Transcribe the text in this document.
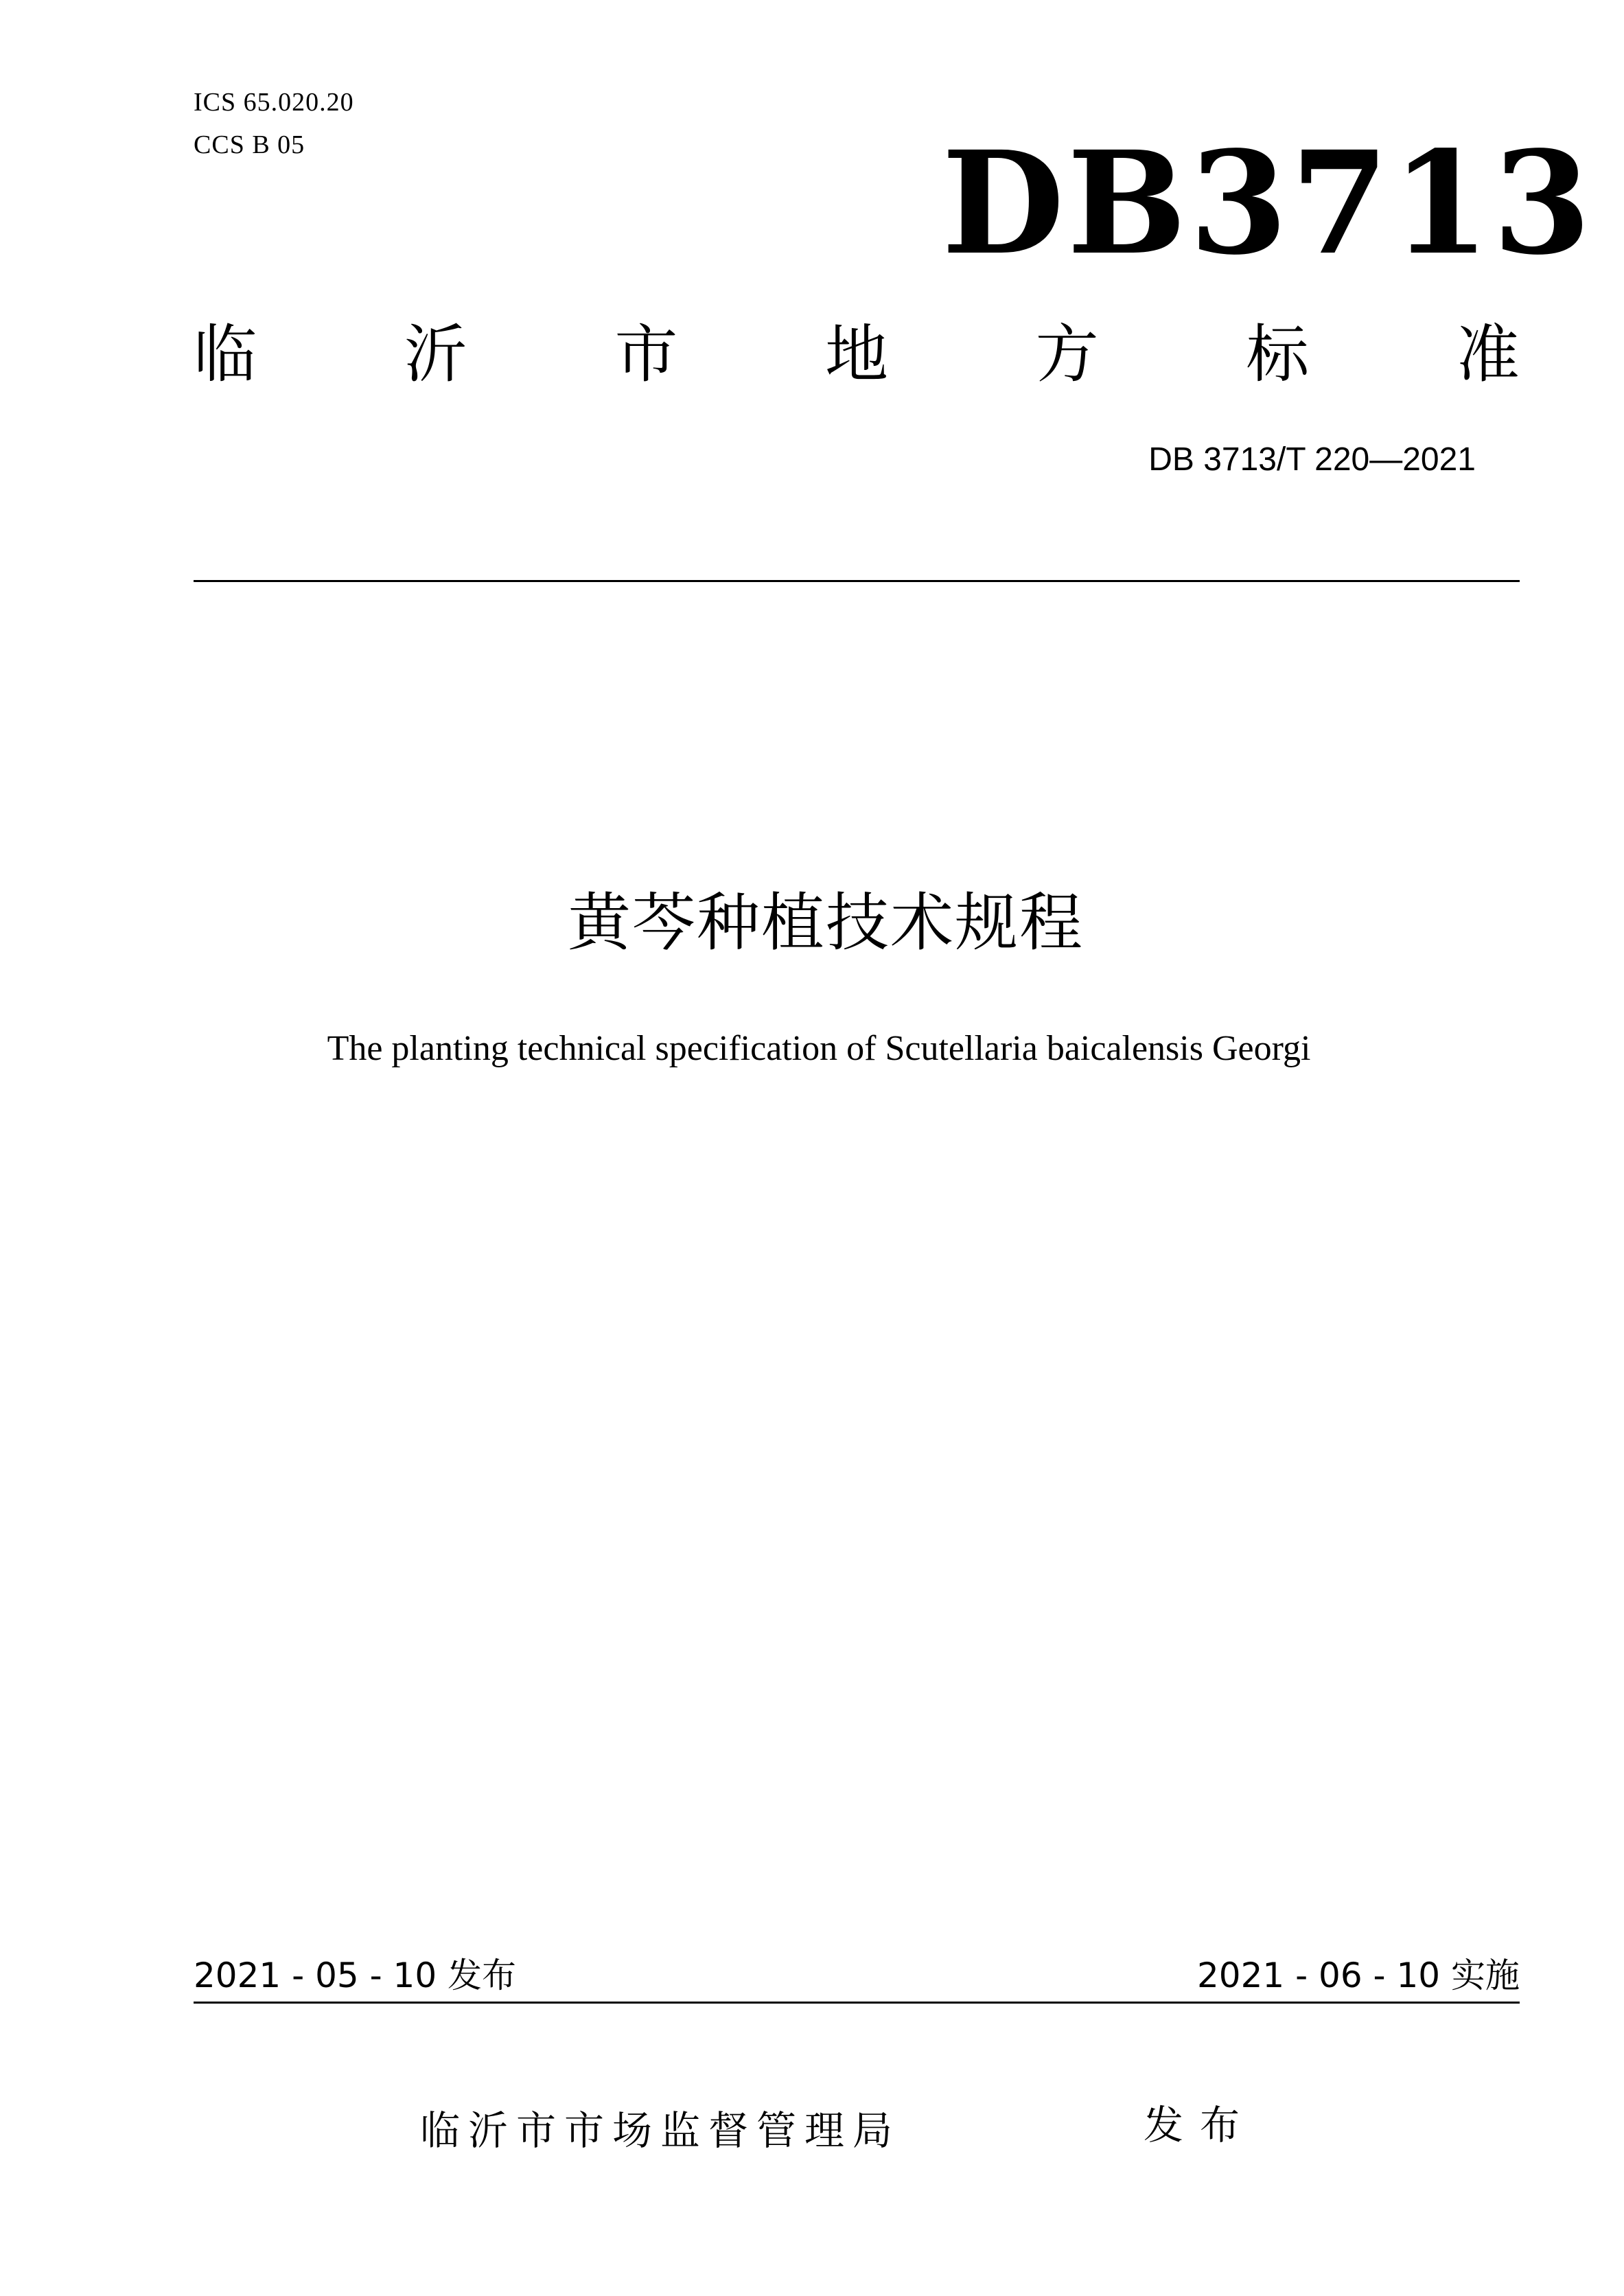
ICS 65.020.20
CCS B 05	DB3713
临 沂 市 地 方 标 准
DB 3713/T 220—2021
黄芩种植技术规程
The planting technical specification of Scutellaria baicalensis Georgi
2021 - 05 - 10 发布	2021 - 06 - 10 实施
临沂市市场监督管理局	发布
